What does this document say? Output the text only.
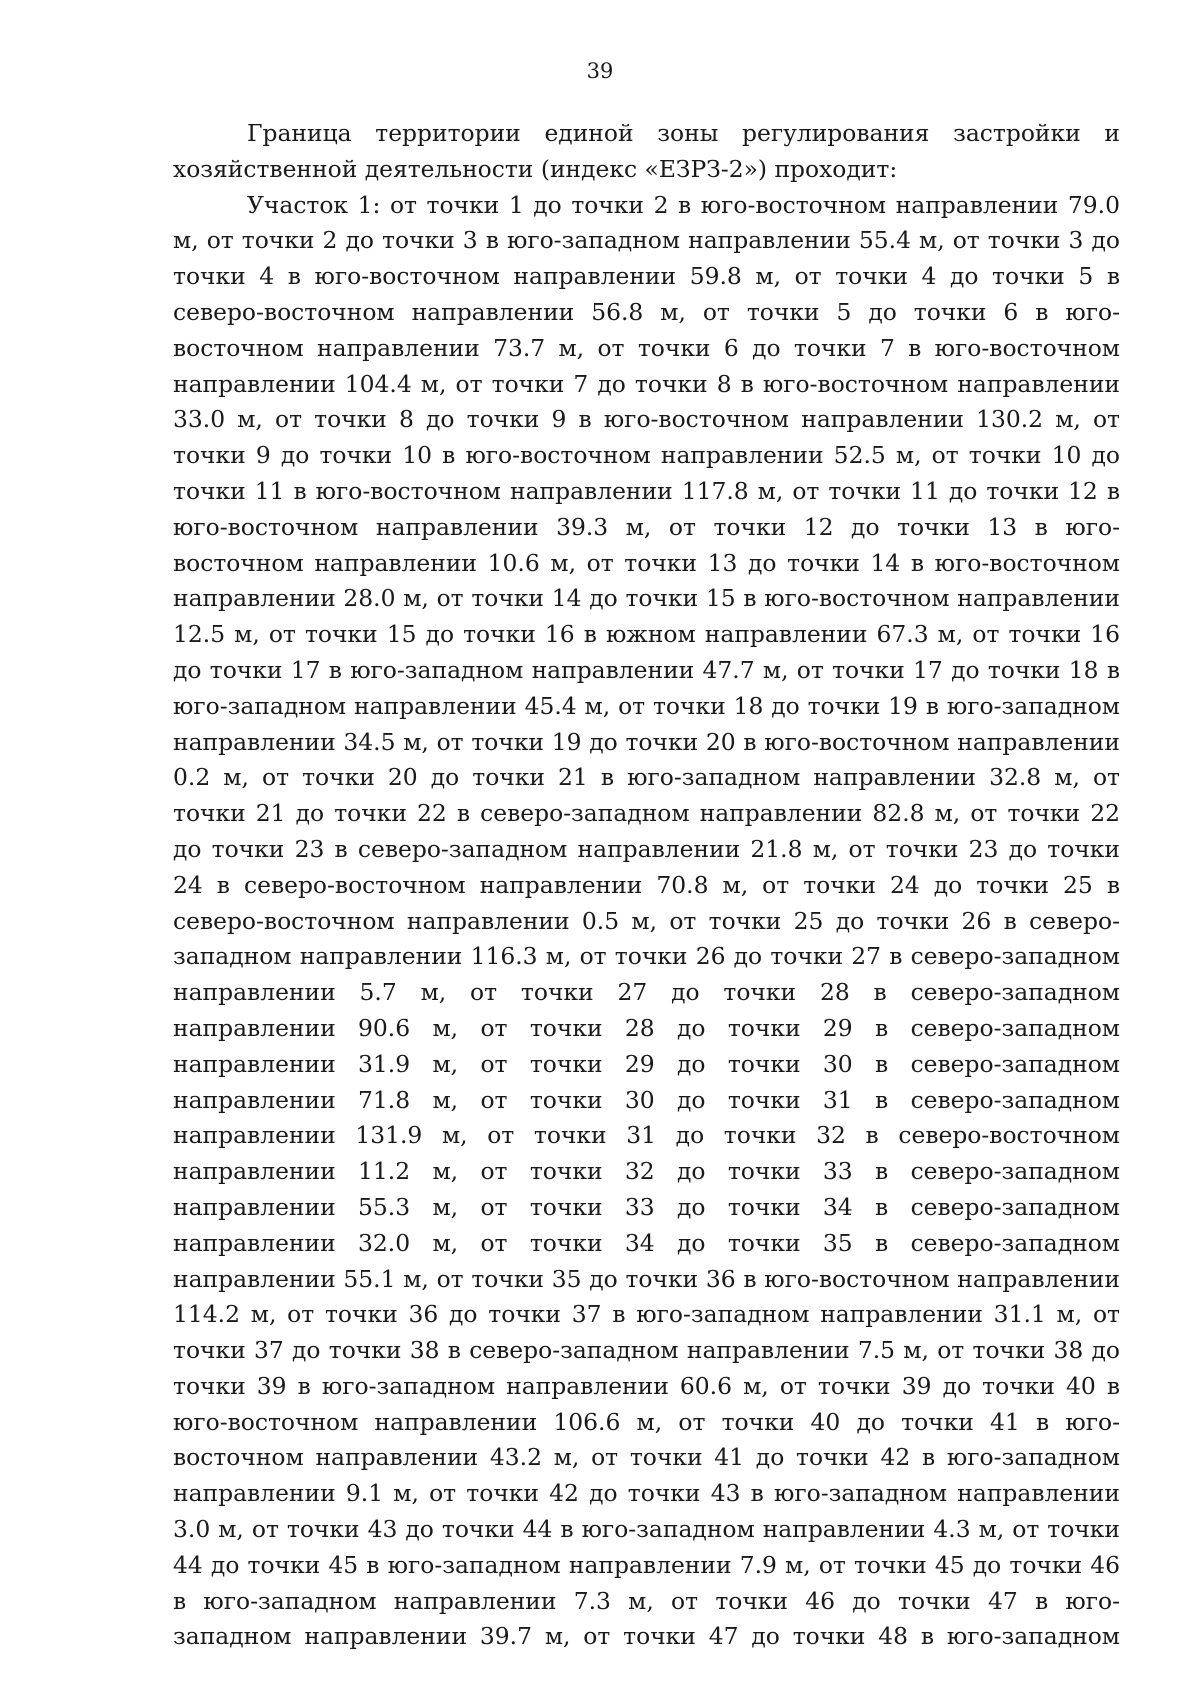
39

Граница территории единой зоны регулирования застройки и хозяйственной деятельности (индекс «ЕЗРЗ-2») проходит:

Участок 1: от точки 1 до точки 2 в юго-восточном направлении 79.0 м, от точки 2 до точки 3 в юго-западном направлении 55.4 м, от точки 3 до точки 4 в юго-восточном направлении 59.8 м, от точки 4 до точки 5 в северо-восточном направлении 56.8 м, от точки 5 до точки 6 в юго-восточном направлении 73.7 м, от точки 6 до точки 7 в юго-восточном направлении 104.4 м, от точки 7 до точки 8 в юго-восточном направлении 33.0 м, от точки 8 до точки 9 в юго-восточном направлении 130.2 м, от точки 9 до точки 10 в юго-восточном направлении 52.5 м, от точки 10 до точки 11 в юго-восточном направлении 117.8 м, от точки 11 до точки 12 в юго-восточном направлении 39.3 м, от точки 12 до точки 13 в юго-восточном направлении 10.6 м, от точки 13 до точки 14 в юго-восточном направлении 28.0 м, от точки 14 до точки 15 в юго-восточном направлении 12.5 м, от точки 15 до точки 16 в южном направлении 67.3 м, от точки 16 до точки 17 в юго-западном направлении 47.7 м, от точки 17 до точки 18 в юго-западном направлении 45.4 м, от точки 18 до точки 19 в юго-западном направлении 34.5 м, от точки 19 до точки 20 в юго-восточном направлении 0.2 м, от точки 20 до точки 21 в юго-западном направлении 32.8 м, от точки 21 до точки 22 в северо-западном направлении 82.8 м, от точки 22 до точки 23 в северо-западном направлении 21.8 м, от точки 23 до точки 24 в северо-восточном направлении 70.8 м, от точки 24 до точки 25 в северо-восточном направлении 0.5 м, от точки 25 до точки 26 в северо-западном направлении 116.3 м, от точки 26 до точки 27 в северо-западном направлении 5.7 м, от точки 27 до точки 28 в северо-западном направлении 90.6 м, от точки 28 до точки 29 в северо-западном направлении 31.9 м, от точки 29 до точки 30 в северо-западном направлении 71.8 м, от точки 30 до точки 31 в северо-западном направлении 131.9 м, от точки 31 до точки 32 в северо-восточном направлении 11.2 м, от точки 32 до точки 33 в северо-западном направлении 55.3 м, от точки 33 до точки 34 в северо-западном направлении 32.0 м, от точки 34 до точки 35 в северо-западном направлении 55.1 м, от точки 35 до точки 36 в юго-восточном направлении 114.2 м, от точки 36 до точки 37 в юго-западном направлении 31.1 м, от точки 37 до точки 38 в северо-западном направлении 7.5 м, от точки 38 до точки 39 в юго-западном направлении 60.6 м, от точки 39 до точки 40 в юго-восточном направлении 106.6 м, от точки 40 до точки 41 в юго-восточном направлении 43.2 м, от точки 41 до точки 42 в юго-западном направлении 9.1 м, от точки 42 до точки 43 в юго-западном направлении 3.0 м, от точки 43 до точки 44 в юго-западном направлении 4.3 м, от точки 44 до точки 45 в юго-западном направлении 7.9 м, от точки 45 до точки 46 в юго-западном направлении 7.3 м, от точки 46 до точки 47 в юго-западном направлении 39.7 м, от точки 47 до точки 48 в юго-западном
